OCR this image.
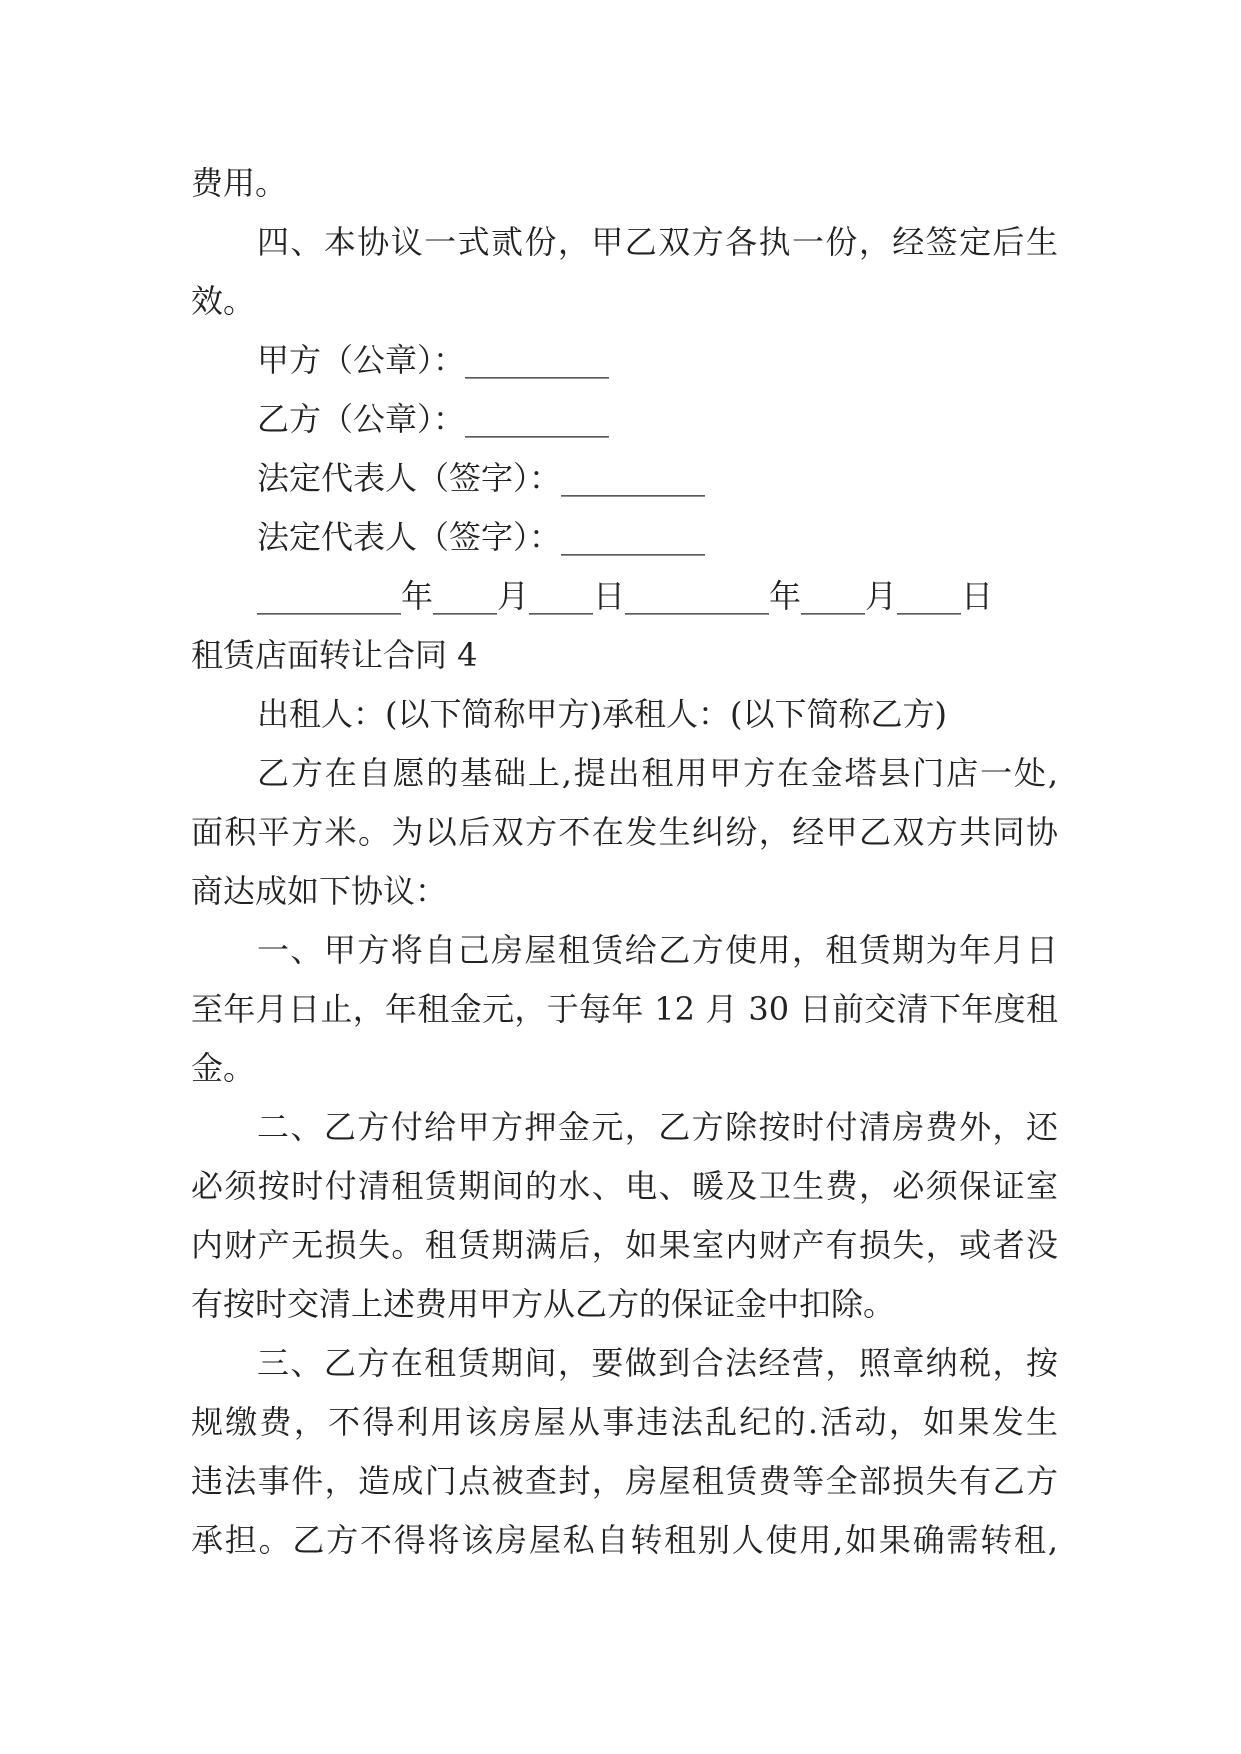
费用。
四、本协议一式贰份，甲乙双方各执一份，经签定后生
效。
甲方（公章）：_________
乙方（公章）：_________
法定代表人（签字）：_________
法定代表人（签字）：_________
_________年____月____日_________年____月____日
租赁店面转让合同 4
出租人：(以下简称甲方)承租人：(以下简称乙方)
乙方在自愿的基础上,提出租用甲方在金塔县门店一处,
面积平方米。为以后双方不在发生纠纷，经甲乙双方共同协
商达成如下协议：
一、甲方将自己房屋租赁给乙方使用，租赁期为年月日
至年月日止，年租金元，于每年 12 月 30 日前交清下年度租
金。
二、乙方付给甲方押金元，乙方除按时付清房费外，还
必须按时付清租赁期间的水、电、暖及卫生费，必须保证室
内财产无损失。租赁期满后，如果室内财产有损失，或者没
有按时交清上述费用甲方从乙方的保证金中扣除。
三、乙方在租赁期间，要做到合法经营，照章纳税，按
规缴费，不得利用该房屋从事违法乱纪的.活动，如果发生
违法事件，造成门点被查封，房屋租赁费等全部损失有乙方
承担。乙方不得将该房屋私自转租别人使用,如果确需转租,
